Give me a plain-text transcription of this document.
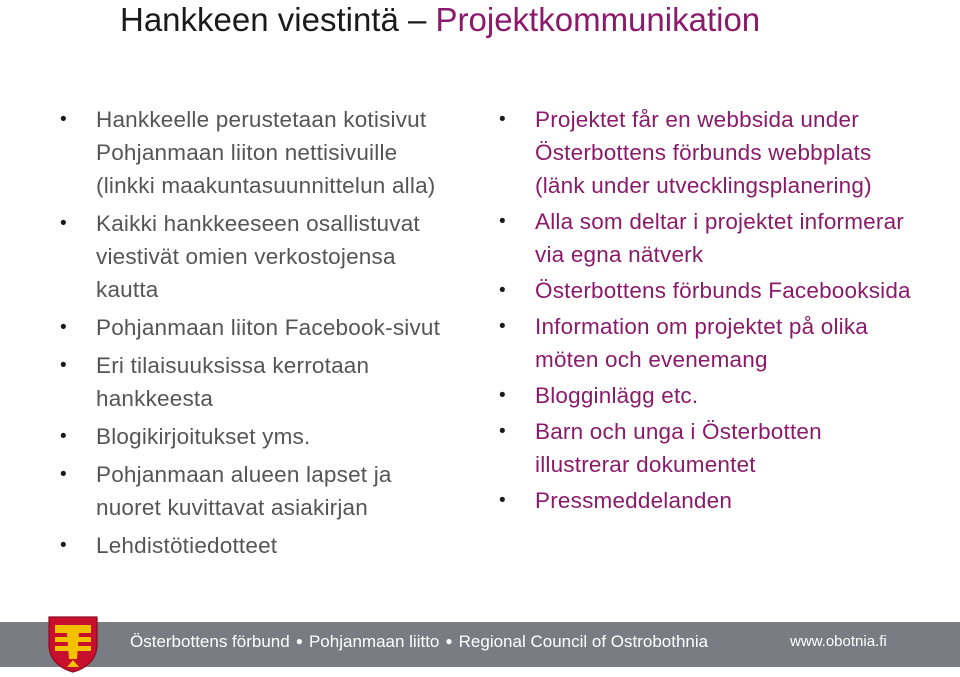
Hankkeen viestintä – Projektkommunikation
• Hankkeelle perustetaan kotisivut Pohjanmaan liiton nettisivuille (linkki maakuntasuunnittelun alla)
• Kaikki hankkeeseen osallistuvat viestivät omien verkostojensa kautta
• Pohjanmaan liiton Facebook-sivut
• Eri tilaisuuksissa kerrotaan hankkeesta
• Blogikirjoitukset yms.
• Pohjanmaan alueen lapset ja nuoret kuvittavat asiakirjan
• Lehdistötiedotteet
• Projektet får en webbsida under Österbottens förbunds webbplats (länk under utvecklingsplanering)
• Alla som deltar i projektet informerar via egna nätverk
• Österbottens förbunds Facebooksida
• Information om projektet på olika möten och evenemang
• Blogginlägg etc.
• Barn och unga i Österbotten illustrerar dokumentet
• Pressmeddelanden
Österbottens förbund ● Pohjanmaan liitto ● Regional Council of Ostrobothnia	www.obotnia.fi
